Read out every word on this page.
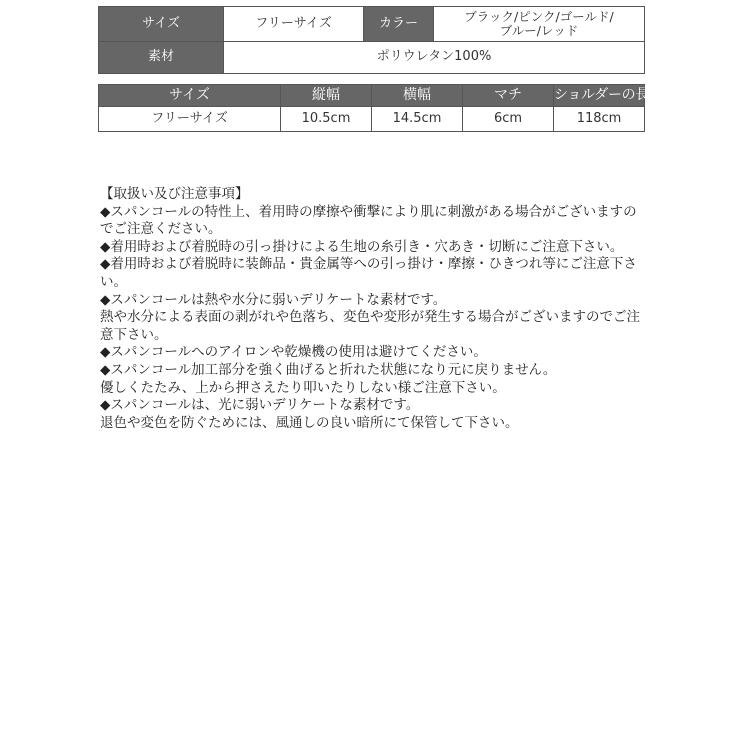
サイズ	フリーサイズ	カラー	ブラック/ピンク/ゴールド/
ブルー/レッド

素材	ポリウレタン100%		
サイズ	縦幅	横幅	マチ	ショルダーの長さ
フリーサイズ	10.5cm	14.5cm	6cm	118cm

【取扱い及び注意事項】

◆スパンコールの特性上、着用時の摩擦や衝撃により肌に刺激がある場合がございますのでご注意ください。

◆着用時および着脱時の引っ掛けによる生地の糸引き・穴あき・切断にご注意下さい。

◆着用時および着脱時に装飾品・貴金属等への引っ掛け・摩擦・ひきつれ等にご注意下さい。

◆スパンコールは熱や水分に弱いデリケートな素材です。

熱や水分による表面の剥がれや色落ち、変色や変形が発生する場合がございますのでご注意下さい。

◆スパンコールへのアイロンや乾燥機の使用は避けてください。

◆スパンコール加工部分を強く曲げると折れた状態になり元に戻りません。

優しくたたみ、上から押さえたり叩いたりしない様ご注意下さい。

◆スパンコールは、光に弱いデリケートな素材です。

退色や変色を防ぐためには、風通しの良い暗所にて保管して下さい。
